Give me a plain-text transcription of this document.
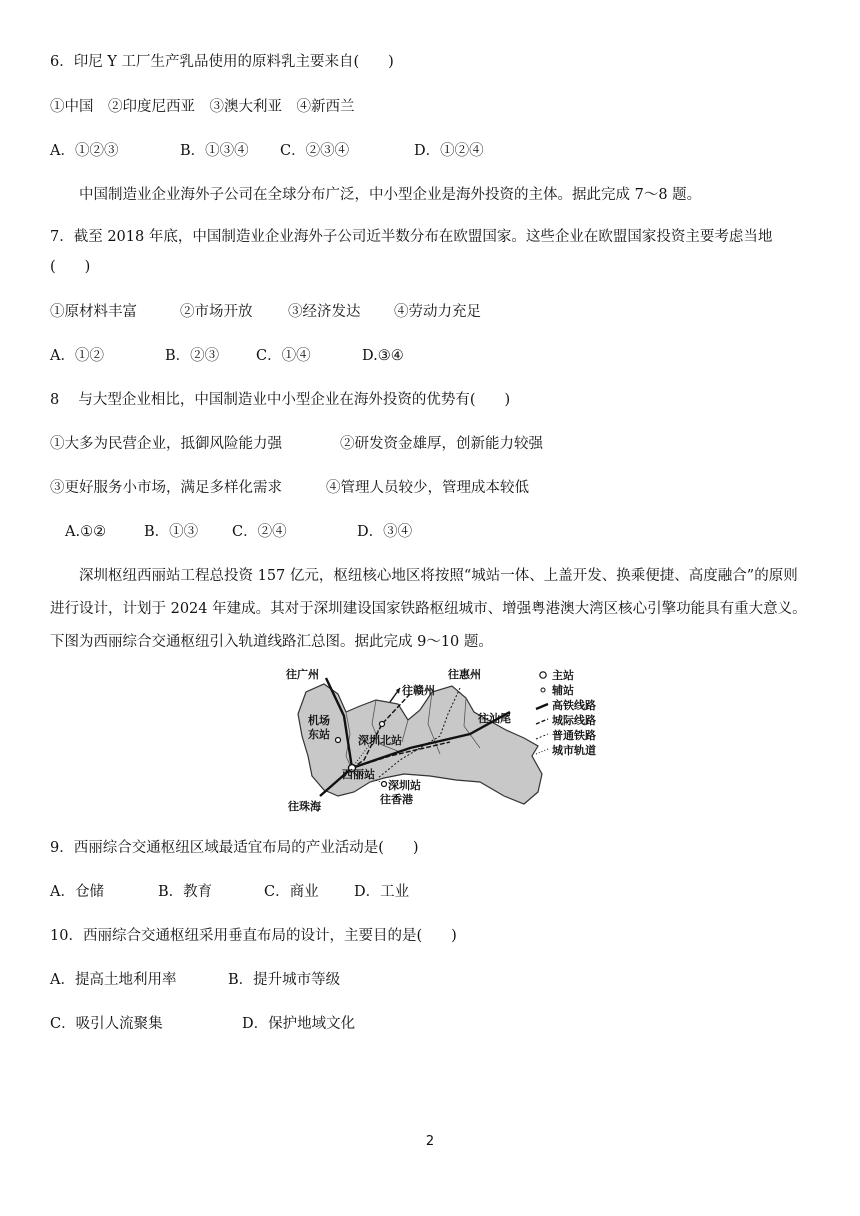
6．印尼 Y 工厂生产乳品使用的原料乳主要来自(　　)

①中国　②印度尼西亚　③澳大利亚　④新西兰

A．①②③	B．①③④ C．②③④	D．①②④

中国制造业企业海外子公司在全球分布广泛，中小型企业是海外投资的主体。据此完成 7～8 题。

7．截至 2018 年底，中国制造业企业海外子公司近半数分布在欧盟国家。这些企业在欧盟国家投资主要考虑当地

(　　)

①原材料丰富	②市场开放 ③经济发达 ④劳动力充足
A．①②	B．②③	C．①④	D.③④

8　 与大型企业相比，中国制造业中小型企业在海外投资的优势有(　　)

①大多为民营企业，抵御风险能力强	②研发资金雄厚，创新能力较强
③更好服务小市场，满足多样化需求	④管理人员较少，管理成本较低
A.①②	B．①③ C．②④	D．③④

深圳枢纽西丽站工程总投资 157 亿元，枢纽核心地区将按照“城站一体、上盖开发、换乘便捷、高度融合”的原则进行设计，计划于 2024 年建成。其对于深圳建设国家铁路枢纽城市、增强粤港澳大湾区核心引擎功能具有重大意义。下图为西丽综合交通枢纽引入轨道线路汇总图。据此完成 9～10 题。

往广州
往赣州
往惠州
往汕尾
机场
东站	深圳北站
西丽站
深圳站
往香港
往珠海
主站
辅站
高铁线路
城际线路
普通铁路
城市轨道

9．西丽综合交通枢纽区域最适宜布局的产业活动是(　　)

A．仓储	B．教育	C．商业 D．工业

10．西丽综合交通枢纽采用垂直布局的设计，主要目的是(　　)

A．提高土地利用率	B．提升城市等级
C．吸引人流聚集	D．保护地域文化
2
